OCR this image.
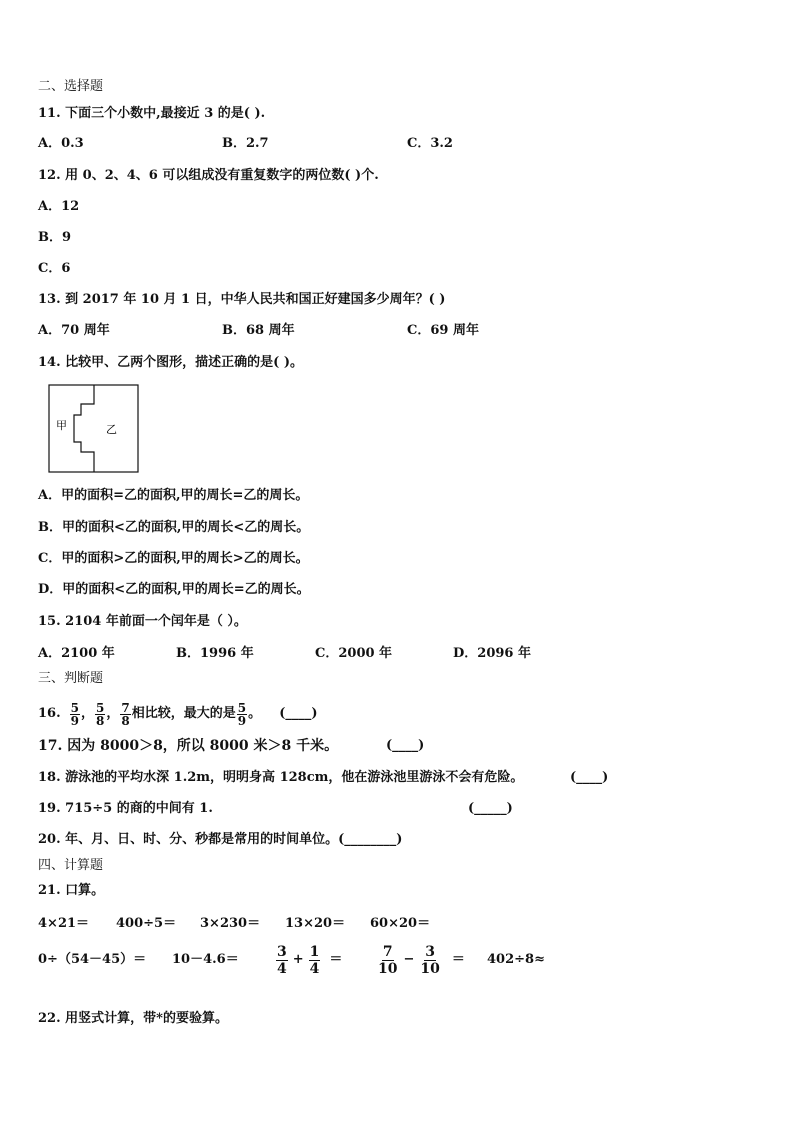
二、选择题
11. 下面三个小数中,最接近 3 的是( ).
A．0.3	B．2.7	C．3.2
12. 用 0、2、4、6 可以组成没有重复数字的两位数( )个.
A．12
B．9
C．6
13. 到 2017 年 10 月 1 日，中华人民共和国正好建国多少周年？( )
A．70 周年	B．68 周年	C．69 周年
14. 比较甲、乙两个图形，描述正确的是( )。
甲	乙
A．甲的面积=乙的面积,甲的周长=乙的周长。
B．甲的面积<乙的面积,甲的周长<乙的周长。
C．甲的面积>乙的面积,甲的周长>乙的周长。
D．甲的面积<乙的面积,甲的周长=乙的周长。
15. 2104 年前面一个闰年是（ ）。
A．2100 年	B．1996 年	C．2000 年	D．2096 年
三、判断题
16. $\frac{5}{9}$ ， $\frac{5}{8}$ ， $\frac{7}{8}$ 相比较，最大的是 $\frac{5}{9}$ 。    (____)
17. 因为 8000＞8，所以 8000 米＞8 千米。	(____)
18. 游泳池的平均水深 1.2m，明明身高 128cm，他在游泳池里游泳不会有危险。	(____)
19. 715÷5 的商的中间有 1.	(_____)
20. 年、月、日、时、分、秒都是常用的时间单位。(________)
四、计算题
21. 口算。
4×21＝ 400÷5＝ 3×230＝ 13×20＝ 60×20＝
0÷（54－45）＝ 10－4.6＝	$\frac{3}{4} + \frac{1}{4} = \frac{7}{10} - \frac{3}{10} = 402\div 8\approx$
22. 用竖式计算，带*的要验算。
